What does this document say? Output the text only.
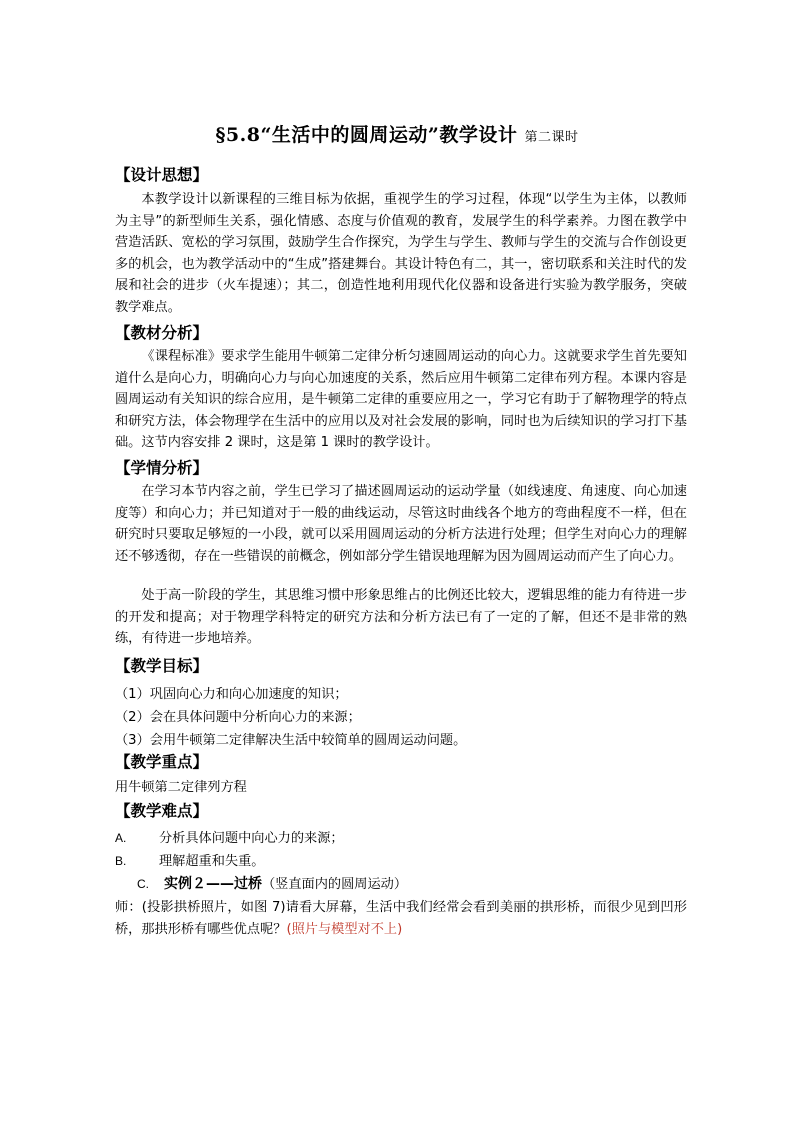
§5.8“生活中的圆周运动”教学设计 第二课时
【设计思想】
本教学设计以新课程的三维目标为依据，重视学生的学习过程，体现“以学生为主体，以教师为主导”的新型师生关系，强化情感、态度与价值观的教育，发展学生的科学素养。力图在教学中营造活跃、宽松的学习氛围，鼓励学生合作探究，为学生与学生、教师与学生的交流与合作创设更多的机会，也为教学活动中的“生成”搭建舞台。其设计特色有二，其一，密切联系和关注时代的发展和社会的进步（火车提速）；其二，创造性地利用现代化仪器和设备进行实验为教学服务，突破教学难点。
【教材分析】
《课程标准》要求学生能用牛顿第二定律分析匀速圆周运动的向心力。这就要求学生首先要知道什么是向心力，明确向心力与向心加速度的关系，然后应用牛顿第二定律布列方程。本课内容是圆周运动有关知识的综合应用，是牛顿第二定律的重要应用之一，学习它有助于了解物理学的特点和研究方法，体会物理学在生活中的应用以及对社会发展的影响，同时也为后续知识的学习打下基础。这节内容安排 2 课时，这是第 1 课时的教学设计。
【学情分析】
在学习本节内容之前，学生已学习了描述圆周运动的运动学量（如线速度、角速度、向心加速度等）和向心力；并已知道对于一般的曲线运动，尽管这时曲线各个地方的弯曲程度不一样，但在研究时只要取足够短的一小段，就可以采用圆周运动的分析方法进行处理；但学生对向心力的理解还不够透彻，存在一些错误的前概念，例如部分学生错误地理解为因为圆周运动而产生了向心力。
处于高一阶段的学生，其思维习惯中形象思维占的比例还比较大，逻辑思维的能力有待进一步的开发和提高；对于物理学科特定的研究方法和分析方法已有了一定的了解，但还不是非常的熟练，有待进一步地培养。
【教学目标】
（1）巩固向心力和向心加速度的知识；
（2）会在具体问题中分析向心力的来源；
（3）会用牛顿第二定律解决生活中较简单的圆周运动问题。
【教学重点】
用牛顿第二定律列方程
【教学难点】
A. 分析具体问题中向心力的来源；
B. 理解超重和失重。
C. 实例２——过桥（竖直面内的圆周运动）
师：(投影拱桥照片，如图 7)请看大屏幕，生活中我们经常会看到美丽的拱形桥，而很少见到凹形桥，那拱形桥有哪些优点呢？(照片与模型对不上)
